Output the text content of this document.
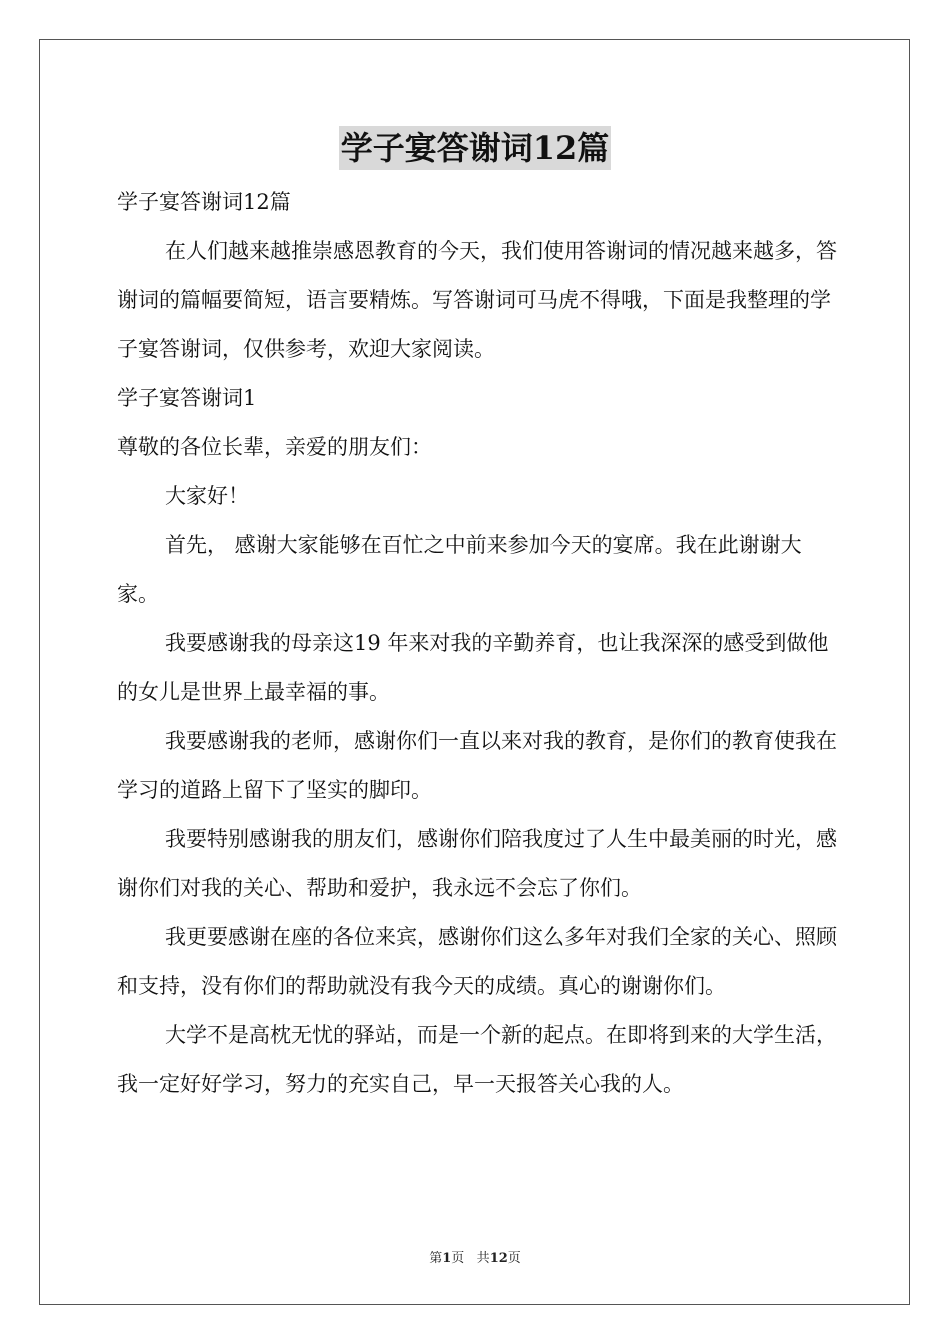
学子宴答谢词12篇

学子宴答谢词12篇

在人们越来越推崇感恩教育的今天，我们使用答谢词的情况越来越多，答谢词的篇幅要简短，语言要精炼。写答谢词可马虎不得哦，下面是我整理的学子宴答谢词，仅供参考，欢迎大家阅读。

学子宴答谢词1

尊敬的各位长辈，亲爱的朋友们：

大家好！

首先， 感谢大家能够在百忙之中前来参加今天的宴席。我在此谢谢大家。

我要感谢我的母亲这19 年来对我的辛勤养育，也让我深深的感受到做他的女儿是世界上最幸福的事。

我要感谢我的老师，感谢你们一直以来对我的教育，是你们的教育使我在学习的道路上留下了坚实的脚印。

我要特别感谢我的朋友们，感谢你们陪我度过了人生中最美丽的时光，感谢你们对我的关心、帮助和爱护，我永远不会忘了你们。

我更要感谢在座的各位来宾，感谢你们这么多年对我们全家的关心、照顾和支持，没有你们的帮助就没有我今天的成绩。真心的谢谢你们。

大学不是高枕无忧的驿站，而是一个新的起点。在即将到来的大学生活，我一定好好学习，努力的充实自己，早一天报答关心我的人。

第1页 共12页
